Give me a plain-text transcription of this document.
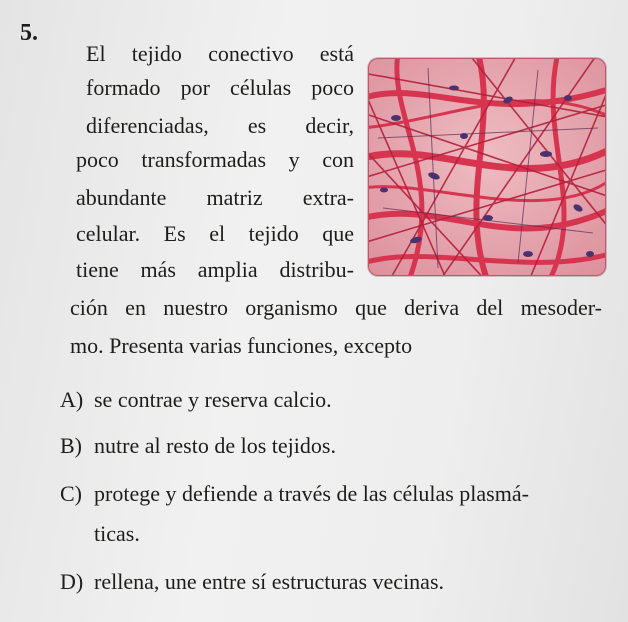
5.
El tejido conectivo está
formado por células poco
diferenciadas, es decir,
poco transformadas y con
abundante matriz extra-
celular. Es el tejido que
tiene más amplia distribu-
ción en nuestro organismo que deriva del mesoder-
mo. Presenta varias funciones, excepto
A) se contrae y reserva calcio.
B) nutre al resto de los tejidos.
C) protege y defiende a través de las células plasmá-
ticas.
D) rellena, une entre sí estructuras vecinas.
